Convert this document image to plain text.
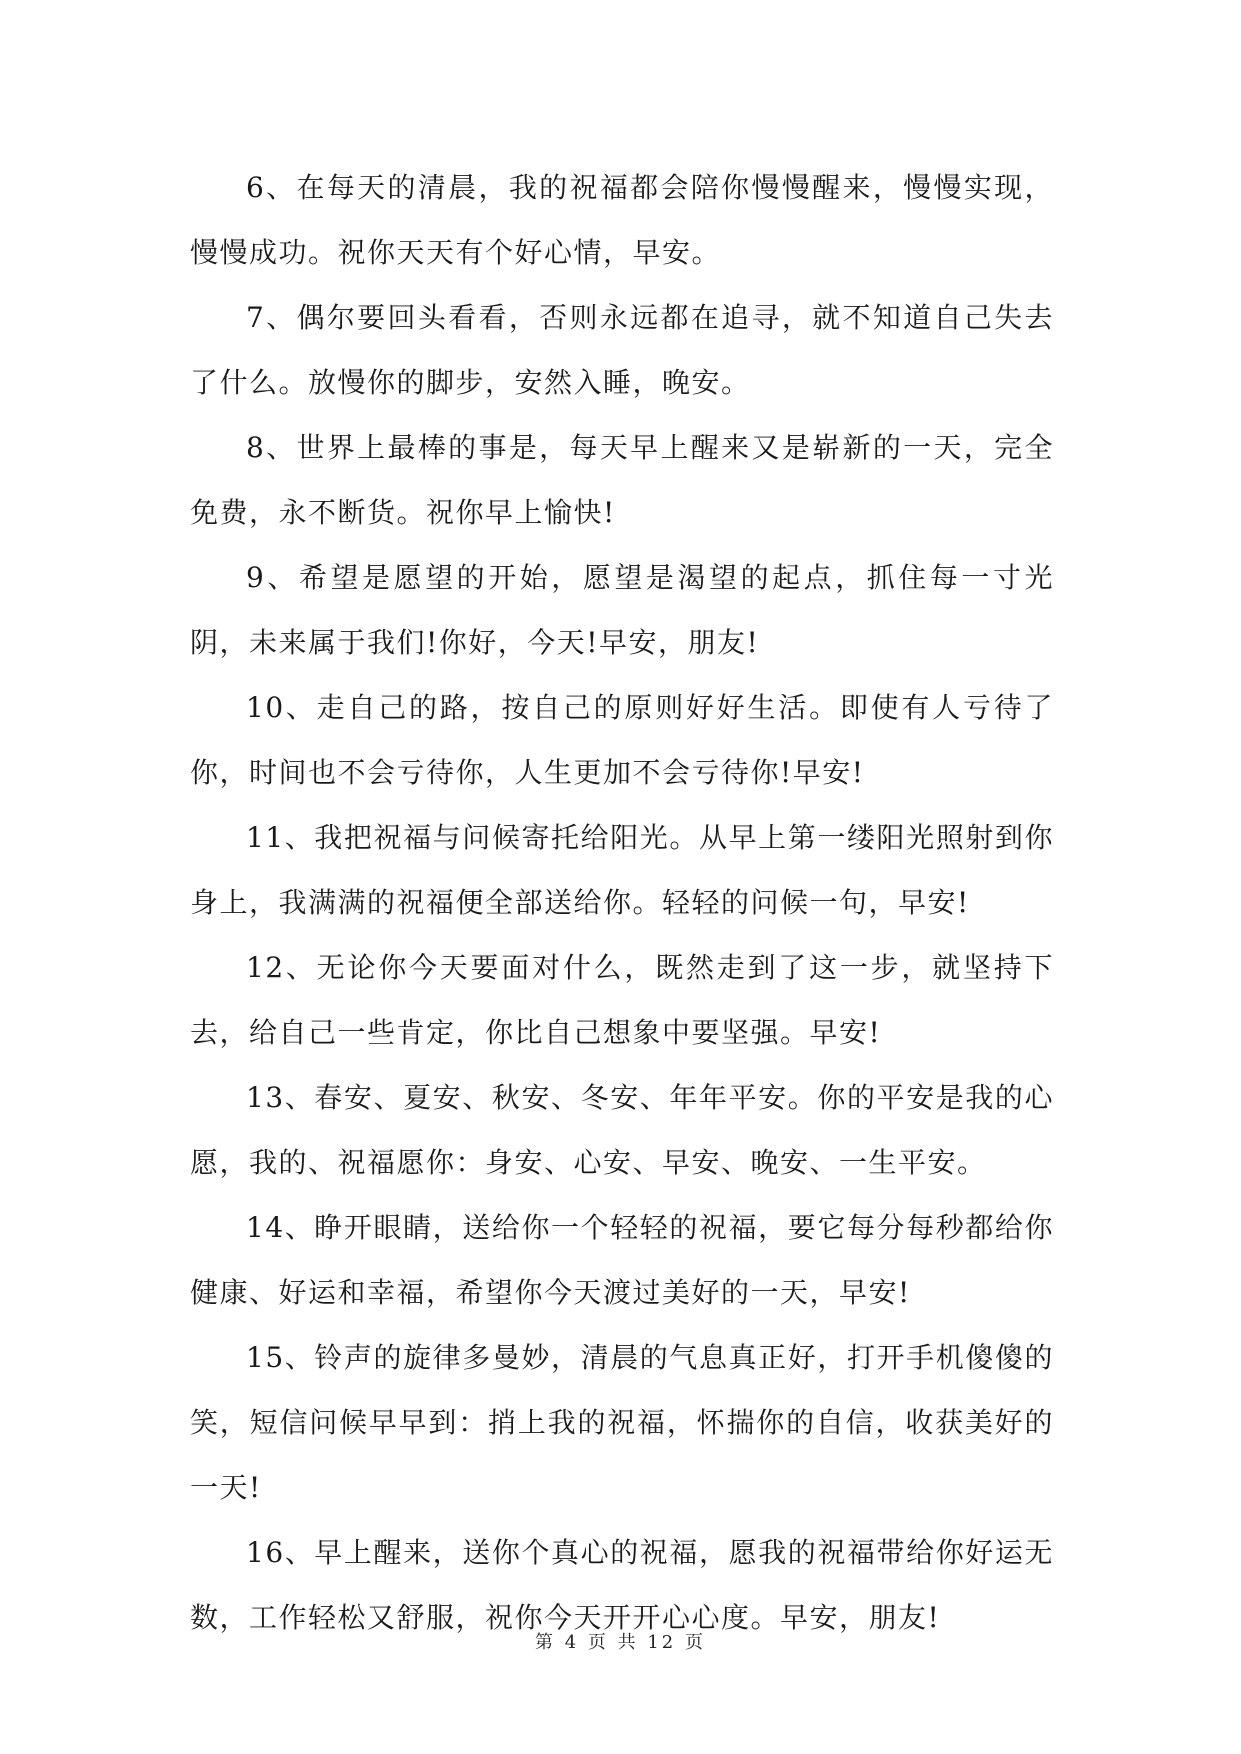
6、在每天的清晨，我的祝福都会陪你慢慢醒来，慢慢实现，慢慢成功。祝你天天有个好心情，早安。

7、偶尔要回头看看，否则永远都在追寻，就不知道自己失去了什么。放慢你的脚步，安然入睡，晚安。

8、世界上最棒的事是，每天早上醒来又是崭新的一天，完全免费，永不断货。祝你早上愉快!

9、希望是愿望的开始，愿望是渴望的起点，抓住每一寸光阴，未来属于我们!你好，今天!早安，朋友!

10、走自己的路，按自己的原则好好生活。即使有人亏待了你，时间也不会亏待你，人生更加不会亏待你!早安!

11、我把祝福与问候寄托给阳光。从早上第一缕阳光照射到你身上，我满满的祝福便全部送给你。轻轻的问候一句，早安!

12、无论你今天要面对什么，既然走到了这一步，就坚持下去，给自己一些肯定，你比自己想象中要坚强。早安!

13、春安、夏安、秋安、冬安、年年平安。你的平安是我的心愿，我的、祝福愿你：身安、心安、早安、晚安、一生平安。

14、睁开眼睛，送给你一个轻轻的祝福，要它每分每秒都给你健康、好运和幸福，希望你今天渡过美好的一天，早安!

15、铃声的旋律多曼妙，清晨的气息真正好，打开手机傻傻的笑，短信问候早早到：捎上我的祝福，怀揣你的自信，收获美好的一天!

16、早上醒来，送你个真心的祝福，愿我的祝福带给你好运无数，工作轻松又舒服，祝你今天开开心心度。早安，朋友!

第 4 页 共 12 页
